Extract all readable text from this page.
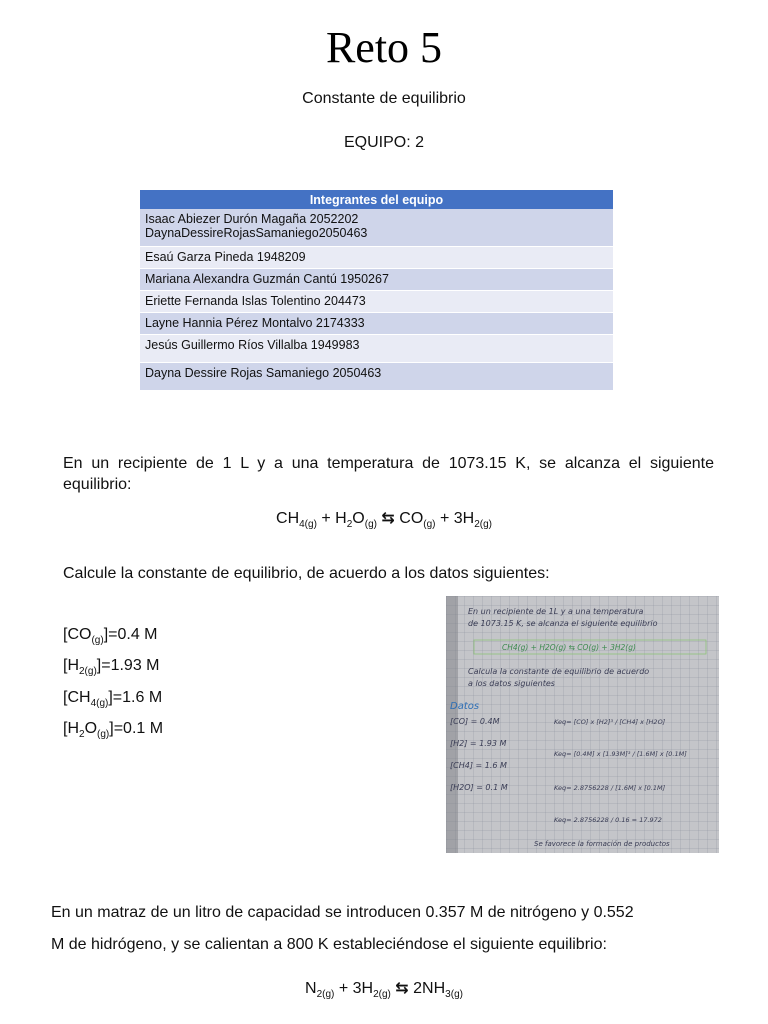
Reto 5
Constante de equilibrio
EQUIPO: 2
Integrantes del equipo

Isaac Abiezer Durón Magaña 2052202
DaynaDessireRojasSamaniego2050463

Esaú Garza Pineda 1948209
Mariana Alexandra Guzmán Cantú 1950267
Eriette Fernanda Islas Tolentino 204473
Layne Hannia Pérez Montalvo 2174333
Jesús Guillermo Ríos Villalba 1949983
Dayna Dessire Rojas Samaniego 2050463
En un recipiente de 1 L y a una temperatura de 1073.15 K, se alcanza el siguiente equilibrio:
$CH_{4(g)} + H_2O_{(g)}$ ⇆ $CO_{(g)} + 3H_{2(g)}$
Calcule la constante de equilibrio, de acuerdo a los datos siguientes:
$[CO_{(g)}]=0.4$ M
$[H_{2(g)}]=1.93$ M
$[CH_{4(g)}]=1.6$ M
$[H_2O_{(g)}]=0.1$ M
En un recipiente de 1L y a una temperatura
de 1073.15 K, se alcanza el siguiente equilibrio
CH4(g) + H2O(g) ⇆ CO(g) + 3H2(g)
Calcula la constante de equilibrio de acuerdo
a los datos siguientes
Datos
[CO] = 0.4M
[H2] = 1.93 M
[CH4] = 1.6 M
[H2O] = 0.1 M
Keq= [CO] x [H2]³ / [CH4] x [H2O]
Keq= [0.4M] x [1.93M]³ / [1.6M] x [0.1M]
Keq= 2.8756228 / [1.6M] x [0.1M]
Keq= 2.8756228 / 0.16 = 17.972
Se favorece la formación de productos
En un matraz de un litro de capacidad se introducen 0.357 M de nitrógeno y 0.552
M de hidrógeno, y se calientan a 800 K estableciéndose el siguiente equilibrio:
$N_{2(g)} + 3H_{2(g)}$ ⇆ $2NH_{3(g)}$
